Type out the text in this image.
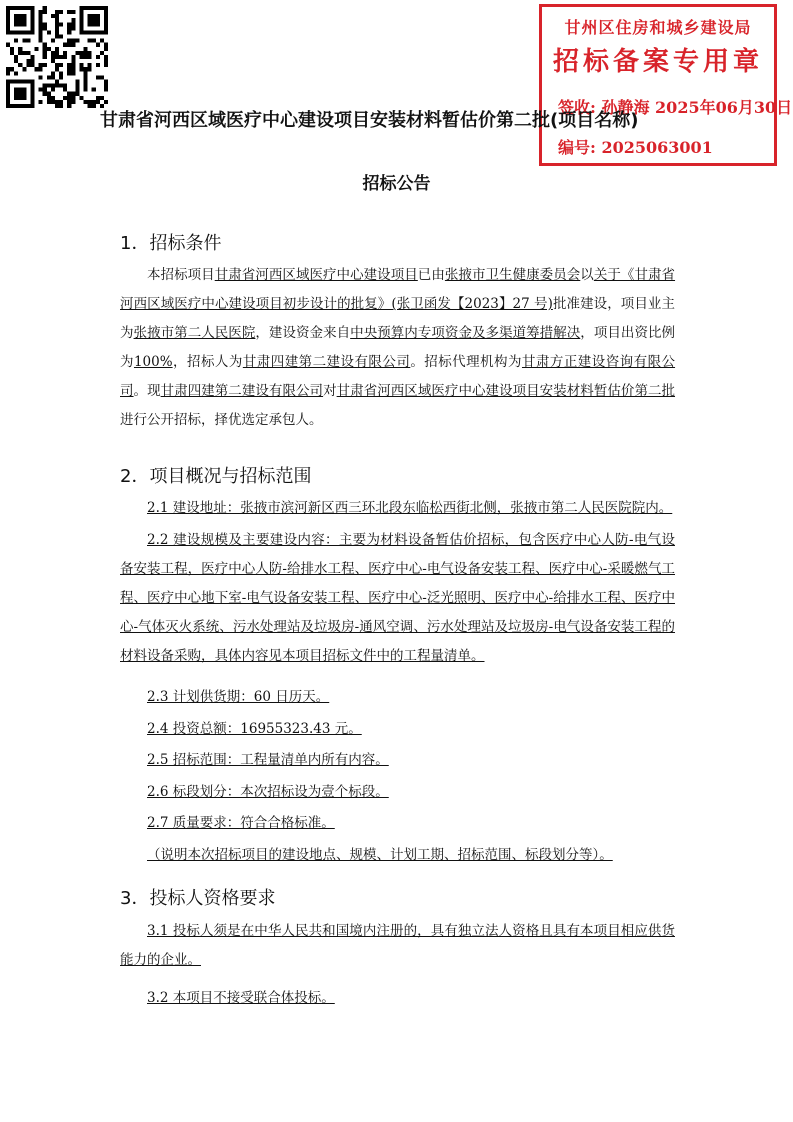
甘州区住房和城乡建设局
招标备案专用章
签收: 孙静海 2025年06月30日
编号: 2025063001
甘肃省河西区域医疗中心建设项目安装材料暂估价第二批(项目名称)
招标公告
1．招标条件
本招标项目甘肃省河西区域医疗中心建设项目已由张掖市卫生健康委员会以关于《甘肃省河西区域医疗中心建设项目初步设计的批复》(张卫函发【2023】27 号)批准建设，项目业主为张掖市第二人民医院，建设资金来自中央预算内专项资金及多渠道筹措解决，项目出资比例为100%，招标人为甘肃四建第二建设有限公司。招标代理机构为甘肃方正建设咨询有限公司。现甘肃四建第二建设有限公司对甘肃省河西区域医疗中心建设项目安装材料暂估价第二批进行公开招标，择优选定承包人。
2．项目概况与招标范围
2.1 建设地址：张掖市滨河新区西三环北段东临松西街北侧，张掖市第二人民医院院内。
2.2 建设规模及主要建设内容：主要为材料设备暂估价招标，包含医疗中心人防-电气设备安装工程，医疗中心人防-给排水工程、医疗中心-电气设备安装工程、医疗中心-采暖燃气工程、医疗中心地下室-电气设备安装工程、医疗中心-泛光照明、医疗中心-给排水工程、医疗中心-气体灭火系统、污水处理站及垃圾房-通风空调、污水处理站及垃圾房-电气设备安装工程的材料设备采购，具体内容见本项目招标文件中的工程量清单。
2.3 计划供货期：60 日历天。
2.4 投资总额：16955323.43 元。
2.5 招标范围：工程量清单内所有内容。
2.6 标段划分：本次招标设为壹个标段。
2.7 质量要求：符合合格标准。
（说明本次招标项目的建设地点、规模、计划工期、招标范围、标段划分等）。
3．投标人资格要求
3.1 投标人须是在中华人民共和国境内注册的，具有独立法人资格且具有本项目相应供货能力的企业。
3.2 本项目不接受联合体投标。
